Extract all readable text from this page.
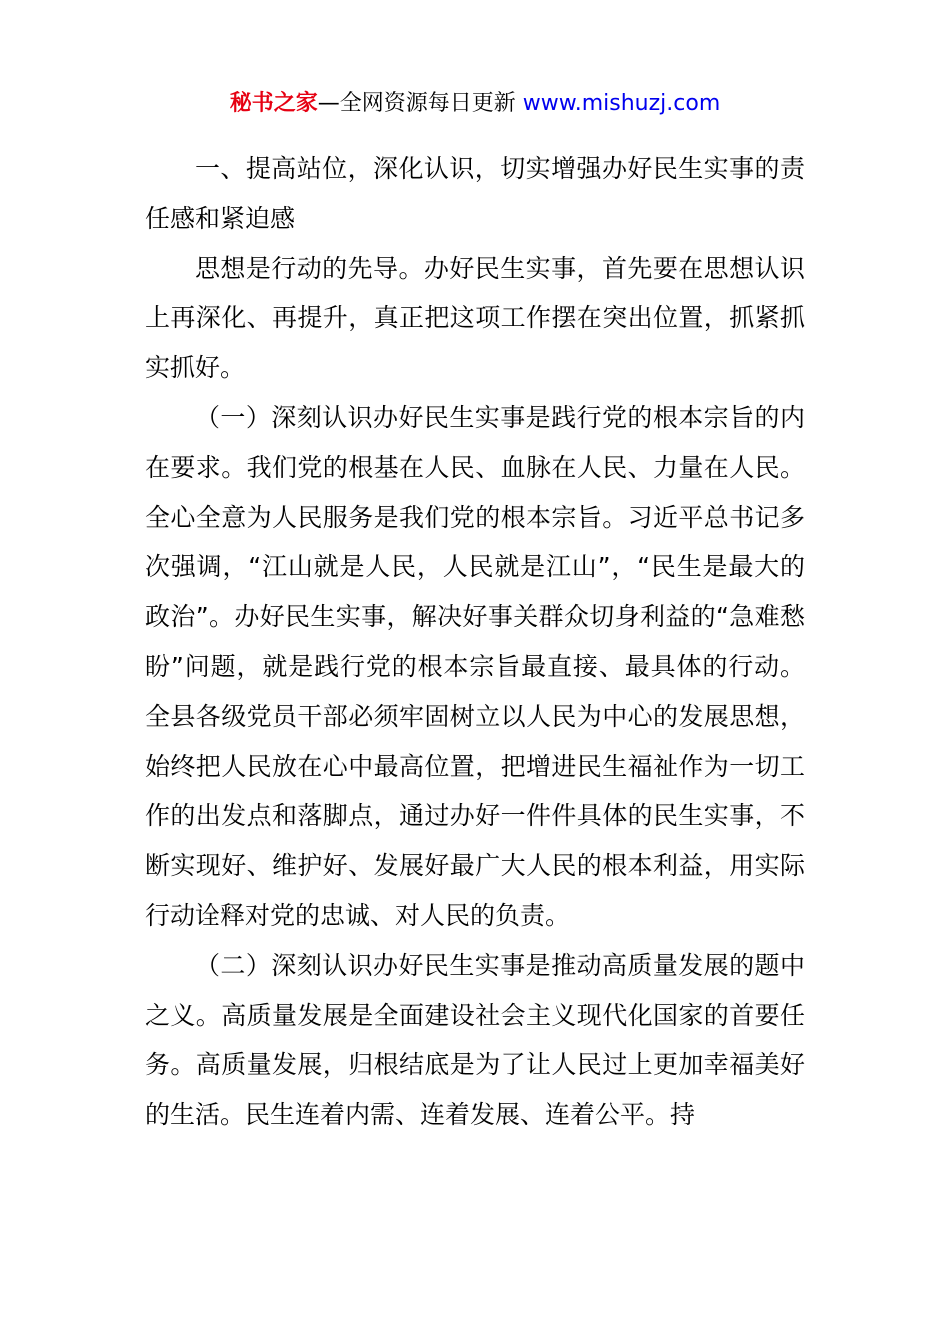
秘书之家—全网资源每日更新 www.mishuzj.com

一、提高站位，深化认识，切实增强办好民生实事的责任感和紧迫感

思想是行动的先导。办好民生实事，首先要在思想认识上再深化、再提升，真正把这项工作摆在突出位置，抓紧抓实抓好。

（一）深刻认识办好民生实事是践行党的根本宗旨的内在要求。我们党的根基在人民、血脉在人民、力量在人民。全心全意为人民服务是我们党的根本宗旨。习近平总书记多次强调，“江山就是人民，人民就是江山”，“民生是最大的政治”。办好民生实事，解决好事关群众切身利益的“急难愁盼”问题，就是践行党的根本宗旨最直接、最具体的行动。全县各级党员干部必须牢固树立以人民为中心的发展思想，始终把人民放在心中最高位置，把增进民生福祉作为一切工作的出发点和落脚点，通过办好一件件具体的民生实事，不断实现好、维护好、发展好最广大人民的根本利益，用实际行动诠释对党的忠诚、对人民的负责。

（二）深刻认识办好民生实事是推动高质量发展的题中之义。高质量发展是全面建设社会主义现代化国家的首要任务。高质量发展，归根结底是为了让人民过上更加幸福美好的生活。民生连着内需、连着发展、连着公平。持
